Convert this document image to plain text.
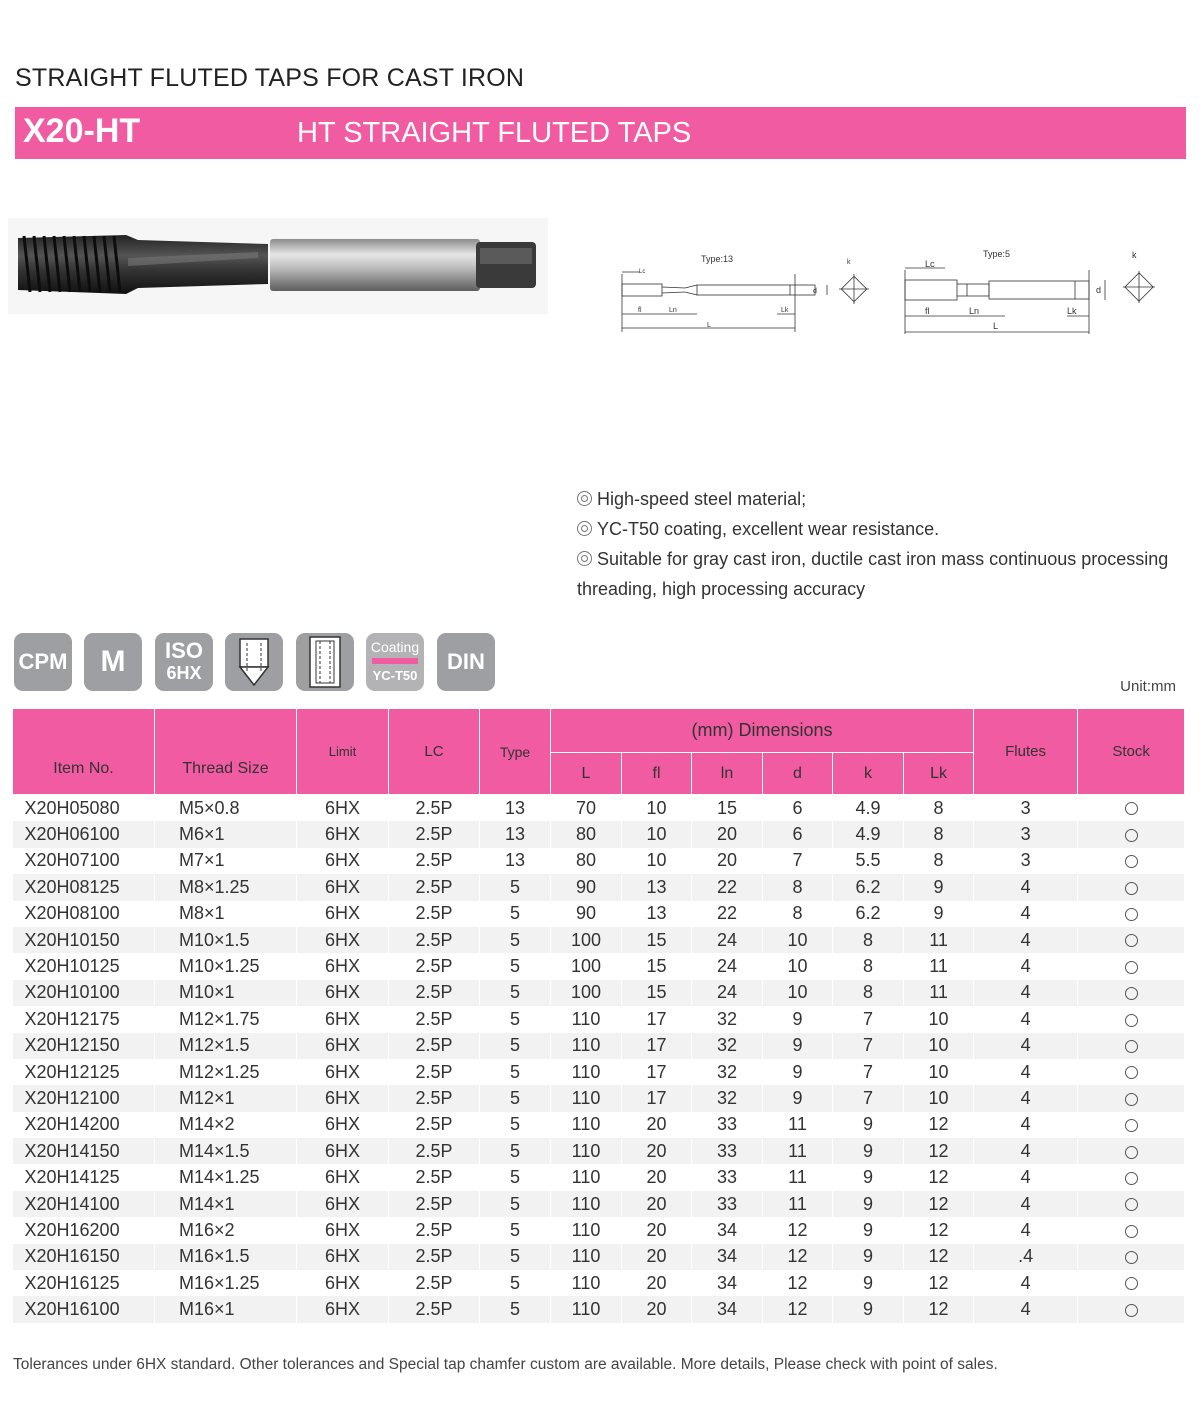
STRAIGHT FLUTED TAPS FOR CAST IRON
X20-HT	HT STRAIGHT FLUTED TAPS
Type:13	Type:5
Lc
fl	Ln
L
Lk
d
k	Lc
fl	Ln
L
Lk
d
k
High-speed steel material;
YC-T50 coating, excellent wear resistance.
Suitable for gray cast iron, ductile cast iron mass continuous processing
threading, high processing accuracy
CPM	M	ISO
6HX
Coating
YC-T50
DIN
Unit:mm
Item No.	Thread Size	Limit	LC	Type	(mm) Dimensions						Flutes	Stock
					L	fl	ln	d	k	Lk		
X20H05080	M5×0.8	6HX	2.5P	13	70	10	15	6	4.9	8	3	
X20H06100	M6×1	6HX	2.5P	13	80	10	20	6	4.9	8	3	
X20H07100	M7×1	6HX	2.5P	13	80	10	20	7	5.5	8	3	
X20H08125	M8×1.25	6HX	2.5P	5	90	13	22	8	6.2	9	4	
X20H08100	M8×1	6HX	2.5P	5	90	13	22	8	6.2	9	4	
X20H10150	M10×1.5	6HX	2.5P	5	100	15	24	10	8	11	4	
X20H10125	M10×1.25	6HX	2.5P	5	100	15	24	10	8	11	4	
X20H10100	M10×1	6HX	2.5P	5	100	15	24	10	8	11	4	
X20H12175	M12×1.75	6HX	2.5P	5	110	17	32	9	7	10	4	
X20H12150	M12×1.5	6HX	2.5P	5	110	17	32	9	7	10	4	
X20H12125	M12×1.25	6HX	2.5P	5	110	17	32	9	7	10	4	
X20H12100	M12×1	6HX	2.5P	5	110	17	32	9	7	10	4	
X20H14200	M14×2	6HX	2.5P	5	110	20	33	11	9	12	4	
X20H14150	M14×1.5	6HX	2.5P	5	110	20	33	11	9	12	4	
X20H14125	M14×1.25	6HX	2.5P	5	110	20	33	11	9	12	4	
X20H14100	M14×1	6HX	2.5P	5	110	20	33	11	9	12	4	
X20H16200	M16×2	6HX	2.5P	5	110	20	34	12	9	12	4	
X20H16150	M16×1.5	6HX	2.5P	5	110	20	34	12	9	12	.4	
X20H16125	M16×1.25	6HX	2.5P	5	110	20	34	12	9	12	4	
X20H16100	M16×1	6HX	2.5P	5	110	20	34	12	9	12	4	
Tolerances under 6HX standard. Other tolerances and Special tap chamfer custom are available. More details, Please check with point of sales.
